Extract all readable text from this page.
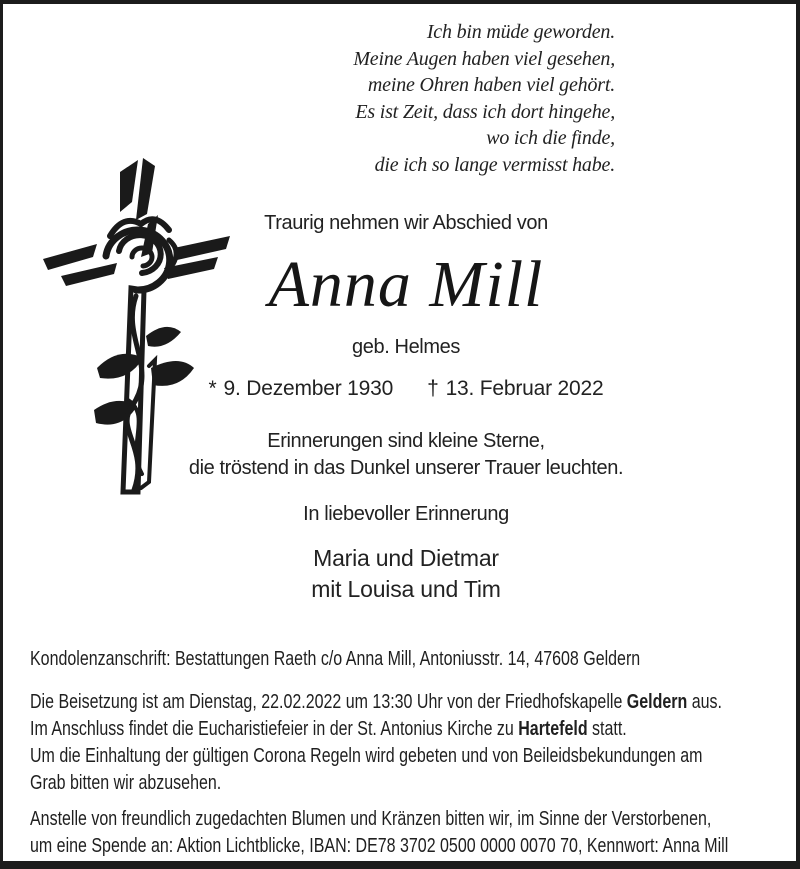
Ich bin müde geworden.
Meine Augen haben viel gesehen,
meine Ohren haben viel gehört.
Es ist Zeit, dass ich dort hingehe,
wo ich die finde,
die ich so lange vermisst habe.
Traurig nehmen wir Abschied von
Anna Mill
geb. Helmes
* 9. Dezember 1930 † 13. Februar 2022
Erinnerungen sind kleine Sterne,
die tröstend in das Dunkel unserer Trauer leuchten.
In liebevoller Erinnerung
Maria und Dietmar
mit Louisa und Tim
Kondolenzanschrift: Bestattungen Raeth c/o Anna Mill, Antoniusstr. 14, 47608 Geldern
Die Beisetzung ist am Dienstag, 22.02.2022 um 13:30 Uhr von der Friedhofskapelle Geldern aus.
Im Anschluss findet die Eucharistiefeier in der St. Antonius Kirche zu Hartefeld statt.
Um die Einhaltung der gültigen Corona Regeln wird gebeten und von Beileidsbekundungen am
Grab bitten wir abzusehen.
Anstelle von freundlich zugedachten Blumen und Kränzen bitten wir, im Sinne der Verstorbenen,
um eine Spende an: Aktion Lichtblicke, IBAN: DE78 3702 0500 0000 0070 70, Kennwort: Anna Mill
